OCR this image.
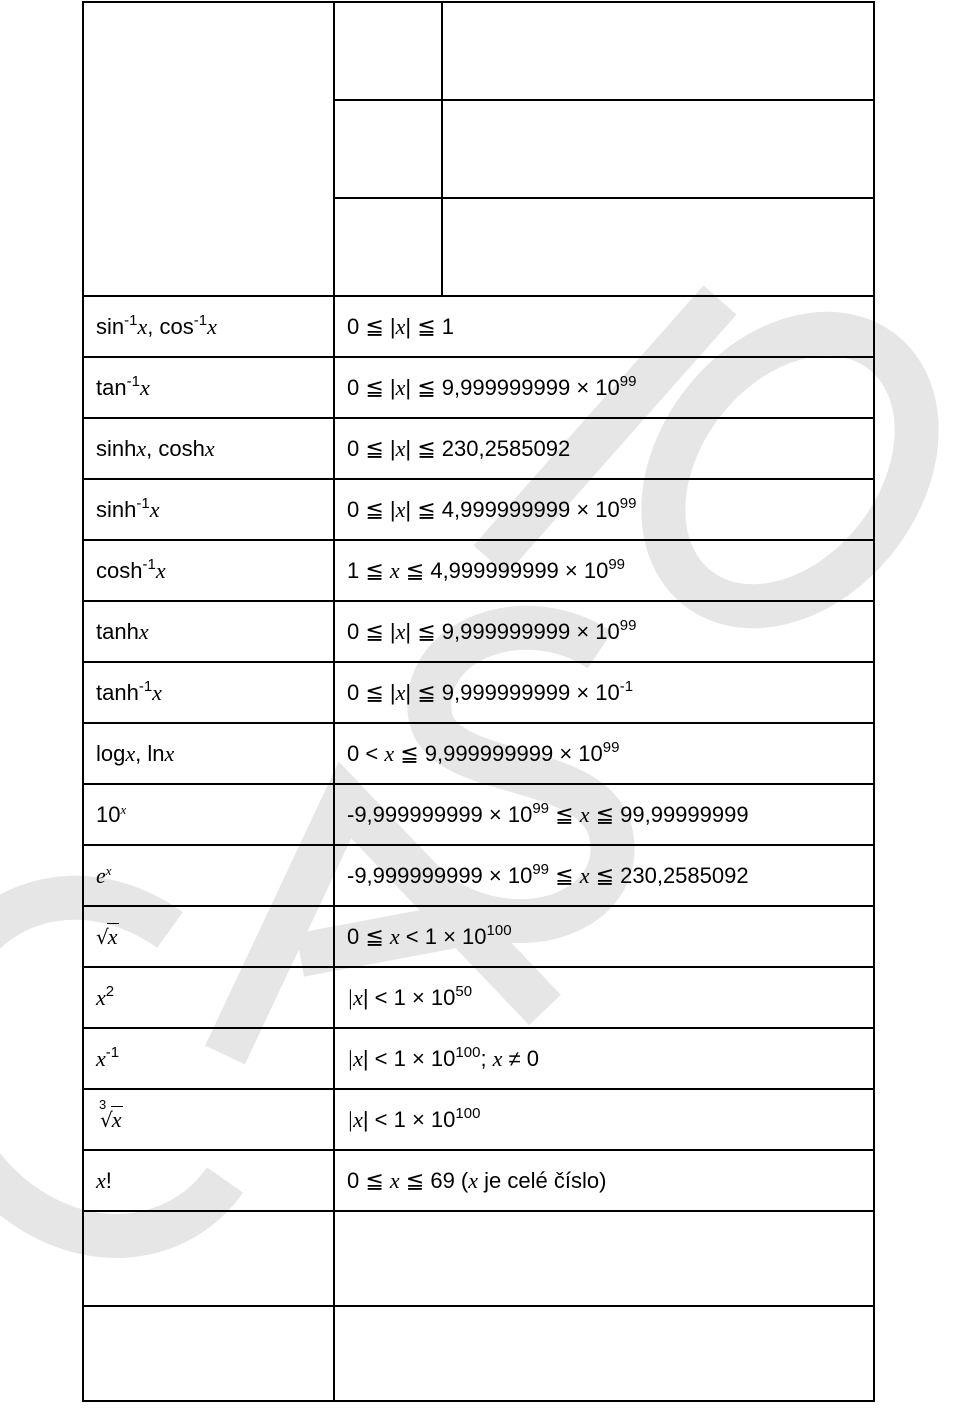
$\sin^{-1}x$, $\cos^{-1}x$	0 ≦ |x| ≦ 1	
$\tan^{-1}x$	0 ≦ |x| ≦ $9,999999999 \times 10^{99}$
sinhx, coshx	0 ≦ |x| ≦ 230,2585092	
$\sinh^{-1}x$	0 ≦ |x| ≦ $4,999999999 \times 10^{99}$
$\cosh^{-1}x$	1 ≦ x ≦ $4,999999999 \times 10^{99}$
tanhx	0 ≦ |x| ≦ $9,999999999 \times 10^{99}$
$\tanh^{-1}x$	0 ≦ |x| ≦ $9,999999999 \times 10^{-1}$
logx, lnx	0 < x ≦ $9,999999999 \times 10^{99}$
10$^x$	$-9,999999999 \times 10^{99}$ ≦ x ≦ 99,99999999	
$e^x$	$-9,999999999 \times 10^{99}$ ≦ x ≦ 230,2585092	
√x	0 ≦ $x < 1 \times 10^{100}$
$x^2$	$|x| < 1 \times 10^{50}$
$x^{-1}$	$|x| < 1 \times 10^{100}$; x ≠ 0	

3
√x	$|x| < 1 \times 10^{100}$
x!	0 ≦ x ≦ 69 (x je celé číslo)	
